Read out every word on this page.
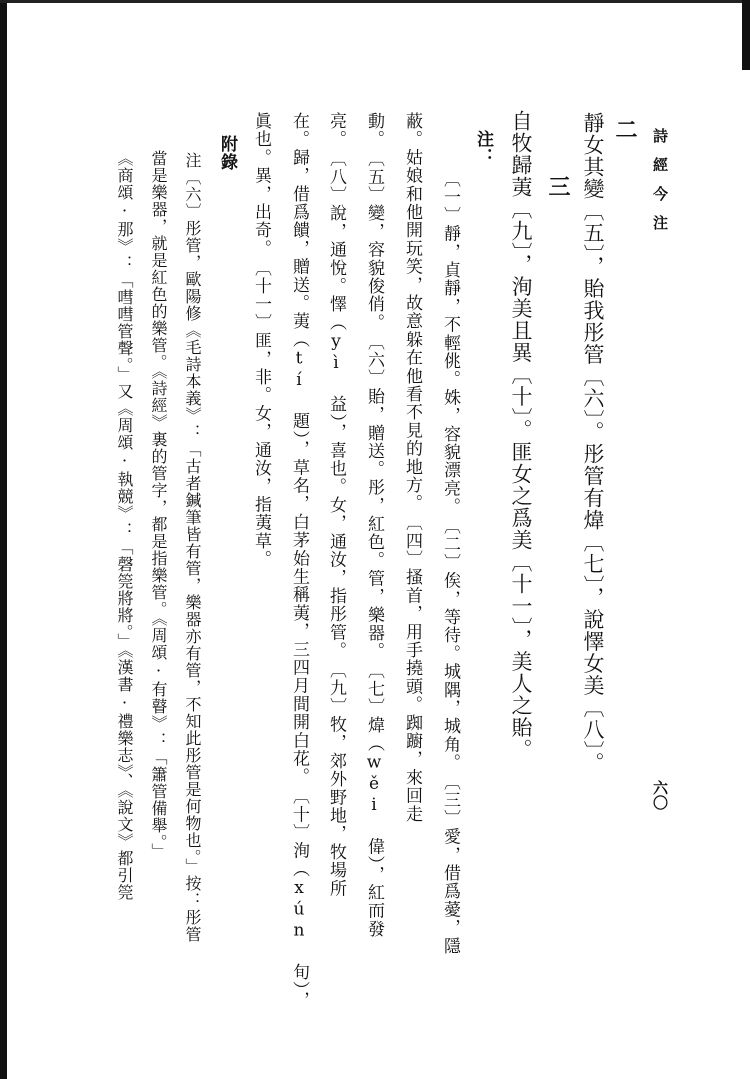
詩經今注
六〇
二
靜女其變〔五〕，貽我彤管〔六〕。彤管有煒〔七〕，說懌女美〔八〕。
三
自牧歸荑〔九〕，洵美且異〔十〕。匪女之爲美〔十一〕，美人之貽。
注：
〔一〕靜，貞靜，不輕佻。姝，容貌漂亮。　〔二〕俟，等待。城隅，城角。　〔三〕愛，借爲薆，隱
蔽。姑娘和他開玩笑，故意躲在他看不見的地方。　〔四〕搔首，用手撓頭。踟躕，來回走
動。　〔五〕變，容貌俊俏。　〔六〕貽，贈送。彤，紅色。管，樂器。　〔七〕煒（wěi 偉），紅而發
亮。　〔八〕說，通悅。懌（yì 益），喜也。女，通汝，指彤管。　〔九〕牧，郊外野地，牧場所
在。歸，借爲饋，贈送。荑（tí 題），草名，白茅始生稱荑，三四月間開白花。　〔十〕洵（xún 旬），
眞也。異，出奇。　〔十一〕匪，非。女，通汝，指荑草。
附錄
注〔六〕彤管，歐陽修《毛詩本義》：「古者鍼筆皆有管，樂器亦有管，不知此彤管是何物也。」按：彤管
當是樂器，就是紅色的樂管。《詩經》裏的管字，都是指樂管。《周頌·有瞽》：「簫管備舉。」
《商頌·那》：「嘒嘒管聲。」又《周頌·執競》：「磬筦將將。」《漢書·禮樂志》、《說文》都引筦
